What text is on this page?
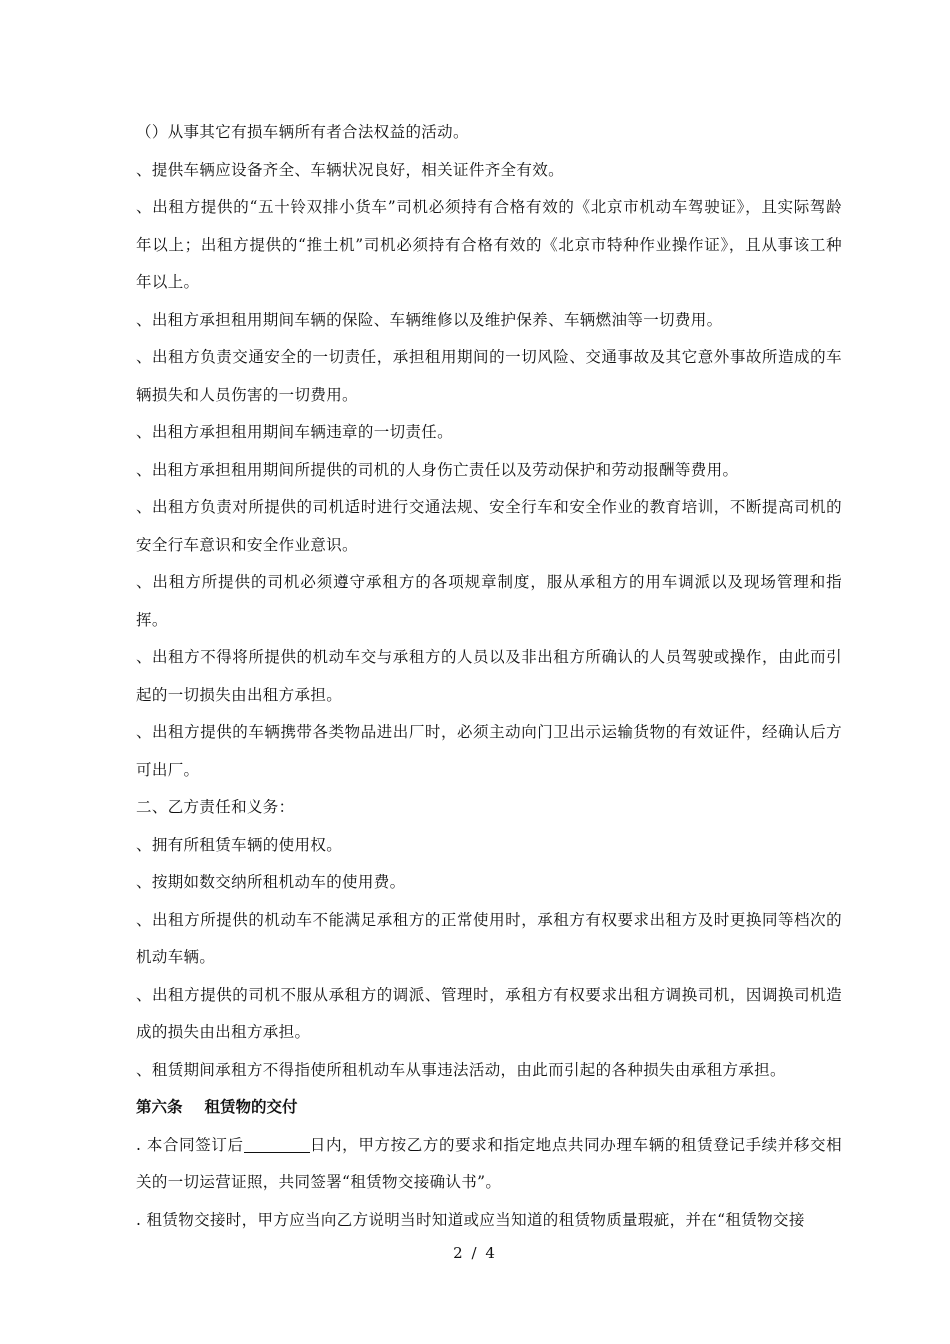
（）从事其它有损车辆所有者合法权益的活动。

、提供车辆应设备齐全、车辆状况良好，相关证件齐全有效。

、出租方提供的“五十铃双排小货车”司机必须持有合格有效的《北京市机动车驾驶证》，且实际驾龄年以上；出租方提供的“推土机”司机必须持有合格有效的《北京市特种作业操作证》，且从事该工种年以上。

、出租方承担租用期间车辆的保险、车辆维修以及维护保养、车辆燃油等一切费用。

、出租方负责交通安全的一切责任，承担租用期间的一切风险、交通事故及其它意外事故所造成的车辆损失和人员伤害的一切费用。

、出租方承担租用期间车辆违章的一切责任。

、出租方承担租用期间所提供的司机的人身伤亡责任以及劳动保护和劳动报酬等费用。

、出租方负责对所提供的司机适时进行交通法规、安全行车和安全作业的教育培训，不断提高司机的安全行车意识和安全作业意识。

、出租方所提供的司机必须遵守承租方的各项规章制度，服从承租方的用车调派以及现场管理和指挥。

、出租方不得将所提供的机动车交与承租方的人员以及非出租方所确认的人员驾驶或操作，由此而引起的一切损失由出租方承担。

、出租方提供的车辆携带各类物品进出厂时，必须主动向门卫出示运输货物的有效证件，经确认后方可出厂。

二、乙方责任和义务：

、拥有所租赁车辆的使用权。

、按期如数交纳所租机动车的使用费。

、出租方所提供的机动车不能满足承租方的正常使用时，承租方有权要求出租方及时更换同等档次的机动车辆。

、出租方提供的司机不服从承租方的调派、管理时，承租方有权要求出租方调换司机，因调换司机造成的损失由出租方承担。

、租赁期间承租方不得指使所租机动车从事违法活动，由此而引起的各种损失由承租方承担。

第六条 租赁物的交付

. 本合同签订后	日内，甲方按乙方的要求和指定地点共同办理车辆的租赁登记手续并移交相关的一切运营证照，共同签署“租赁物交接确认书”。

. 租赁物交接时，甲方应当向乙方说明当时知道或应当知道的租赁物质量瑕疵，并在“租赁物交接

2 / 4
